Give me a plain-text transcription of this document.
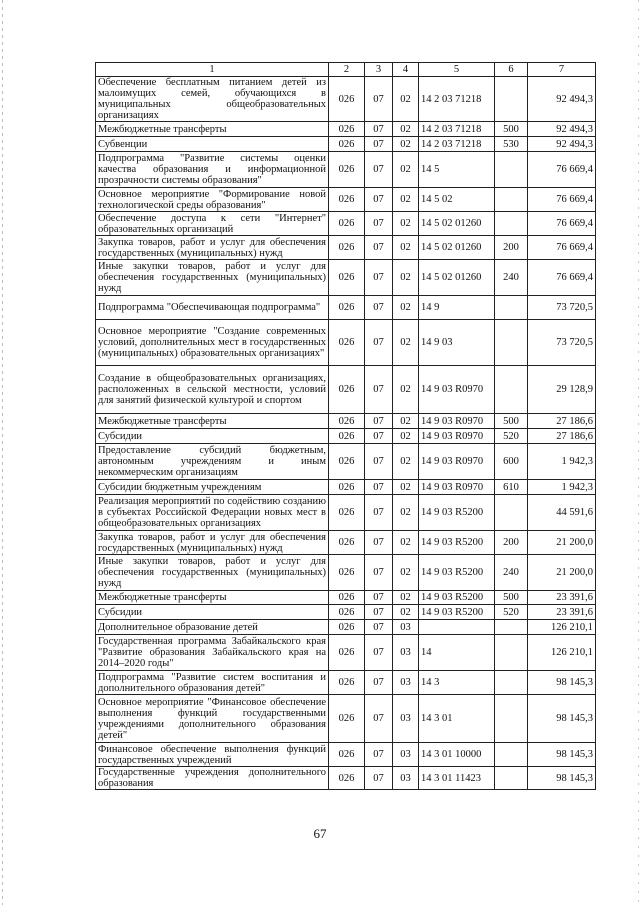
1	2	3	4	5	6	7
Обеспечение бесплатным питанием детей из малоимущих семей, обучающихся в муниципальных общеобразовательных организациях	026	07	02	14 2 03 71218		92 494,3
Межбюджетные трансферты	026	07	02	14 2 03 71218	500	92 494,3
Субвенции	026	07	02	14 2 03 71218	530	92 494,3
Подпрограмма "Развитие системы оценки качества образования и информационной прозрачности системы образования"	026	07	02	14 5		76 669,4
Основное мероприятие "Формирование новой технологической среды образования"	026	07	02	14 5 02		76 669,4
Обеспечение доступа к сети "Интернет" образовательных организаций	026	07	02	14 5 02 01260		76 669,4
Закупка товаров, работ и услуг для обеспечения государственных (муниципальных) нужд	026	07	02	14 5 02 01260	200	76 669,4
Иные закупки товаров, работ и услуг для обеспечения государственных (муниципальных) нужд	026	07	02	14 5 02 01260	240	76 669,4
Подпрограмма "Обеспечивающая подпрограмма"	026	07	02	14 9		73 720,5
Основное мероприятие "Создание современных условий, дополнительных мест в государственных (муниципальных) образовательных организациях"	026	07	02	14 9 03		73 720,5
Создание в общеобразовательных организациях, расположенных в сельской местности, условий для занятий физической культурой и спортом	026	07	02	14 9 03 R0970		29 128,9
Межбюджетные трансферты	026	07	02	14 9 03 R0970	500	27 186,6
Субсидии	026	07	02	14 9 03 R0970	520	27 186,6
Предоставление субсидий бюджетным, автономным учреждениям и иным некоммерческим организациям	026	07	02	14 9 03 R0970	600	1 942,3
Субсидии бюджетным учреждениям	026	07	02	14 9 03 R0970	610	1 942,3
Реализация мероприятий по содействию созданию в субъектах Российской Федерации новых мест в общеобразовательных организациях	026	07	02	14 9 03 R5200		44 591,6
Закупка товаров, работ и услуг для обеспечения государственных (муниципальных) нужд	026	07	02	14 9 03 R5200	200	21 200,0
Иные закупки товаров, работ и услуг для обеспечения государственных (муниципальных) нужд	026	07	02	14 9 03 R5200	240	21 200,0
Межбюджетные трансферты	026	07	02	14 9 03 R5200	500	23 391,6
Субсидии	026	07	02	14 9 03 R5200	520	23 391,6
Дополнительное образование детей	026	07	03			126 210,1
Государственная программа Забайкальского края "Развитие образования Забайкальского края на 2014–2020 годы"	026	07	03	14		126 210,1
Подпрограмма "Развитие систем воспитания и дополнительного образования детей"	026	07	03	14 3		98 145,3
Основное мероприятие "Финансовое обеспечение выполнения функций государственными учреждениями дополнительного образования детей"	026	07	03	14 3 01		98 145,3
Финансовое обеспечение выполнения функций государственных учреждений	026	07	03	14 3 01 10000		98 145,3
Государственные учреждения дополнительного образования	026	07	03	14 3 01 11423		98 145,3
67
